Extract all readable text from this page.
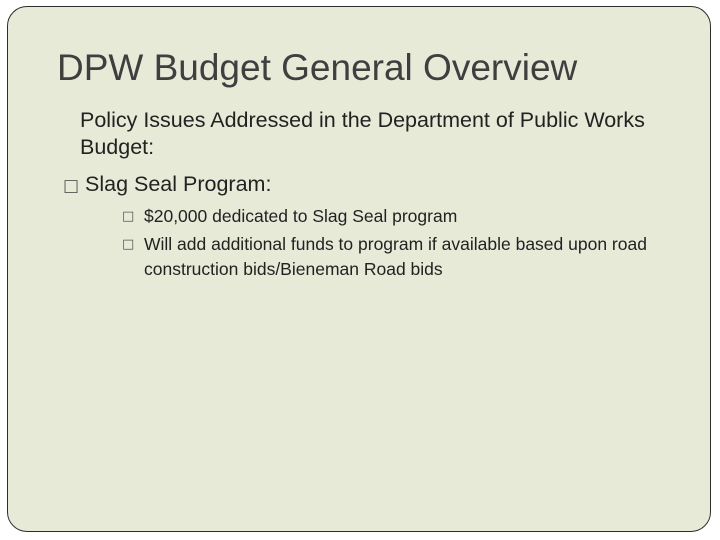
DPW Budget General Overview

Policy Issues Addressed in the Department of Public Works Budget:

□ Slag Seal Program:

□ $20,000 dedicated to Slag Seal program
□ Will add additional funds to program if available based upon road construction bids/Bieneman Road bids
